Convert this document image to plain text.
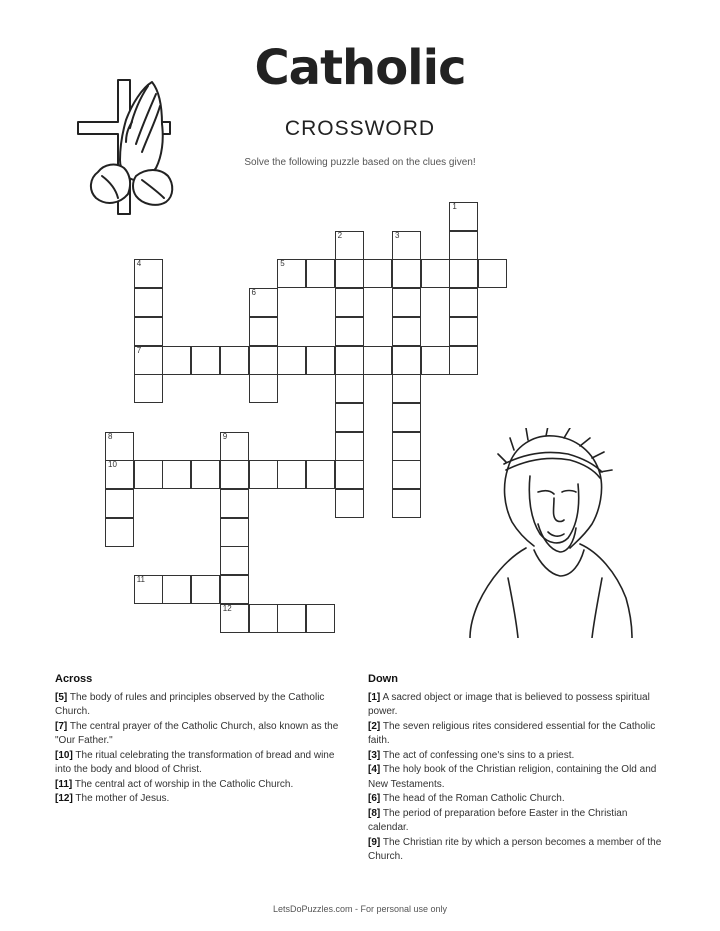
Catholic
CROSSWORD
Solve the following puzzle based on the clues given!
5
7
10
11
12
1
2	3
4
6
8	9
Across

[5] The body of rules and principles observed by the Catholic Church.

[7] The central prayer of the Catholic Church, also known as the "Our Father."

[10] The ritual celebrating the transformation of bread and wine into the body and blood of Christ.

[11] The central act of worship in the Catholic Church.

[12] The mother of Jesus.

Down

[1] A sacred object or image that is believed to possess spiritual power.

[2] The seven religious rites considered essential for the Catholic faith.

[3] The act of confessing one's sins to a priest.

[4] The holy book of the Christian religion, containing the Old and New Testaments.

[6] The head of the Roman Catholic Church.

[8] The period of preparation before Easter in the Christian calendar.

[9] The Christian rite by which a person becomes a member of the Church.

LetsDoPuzzles.com - For personal use only
